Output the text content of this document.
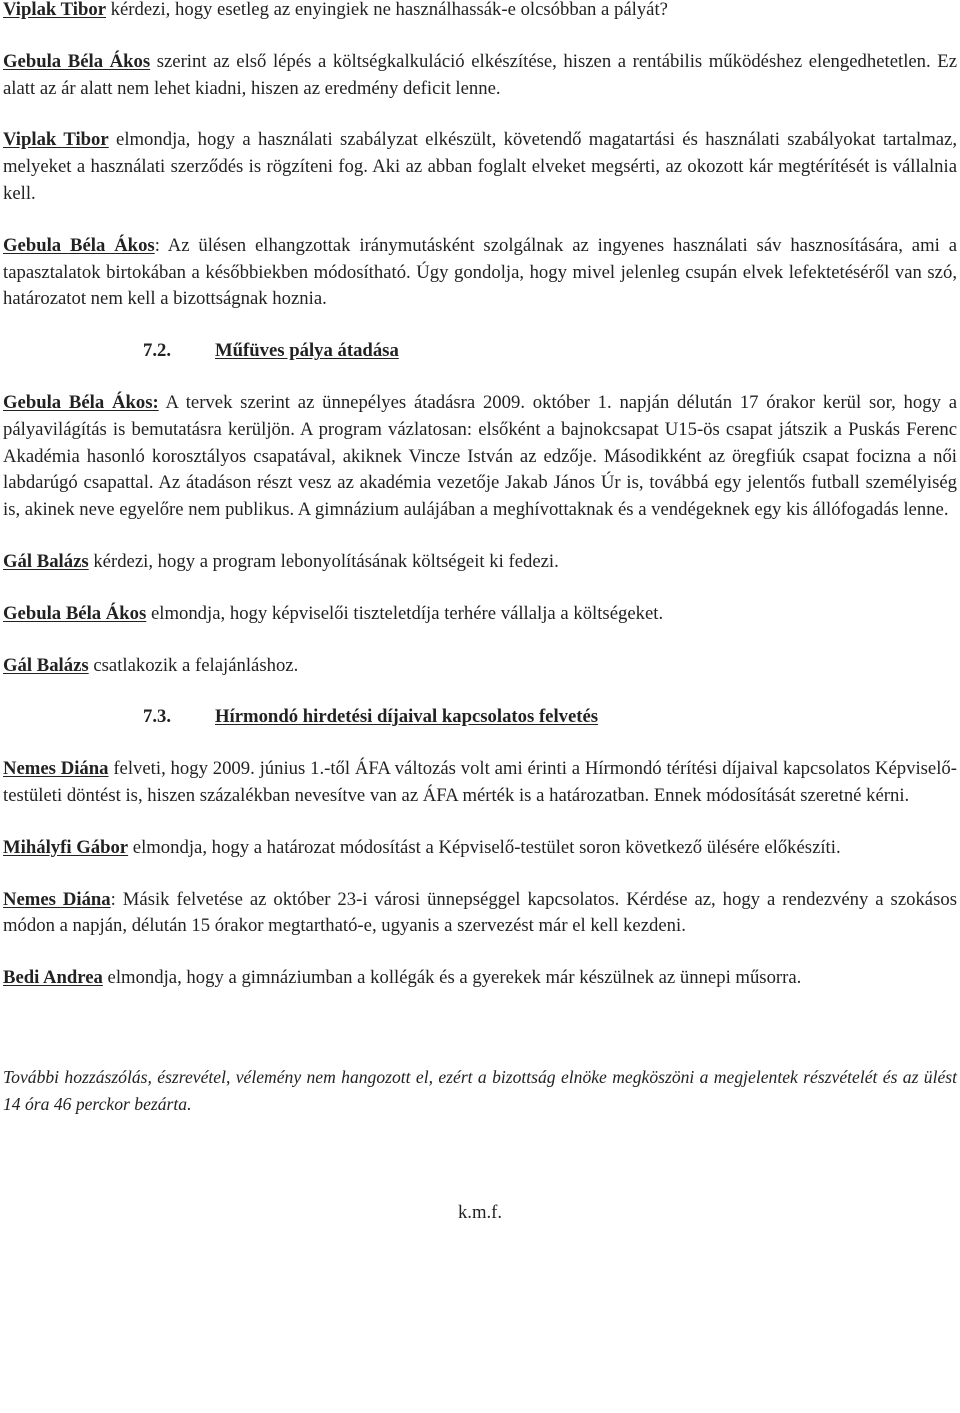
Viplak Tibor kérdezi, hogy esetleg az enyingiek ne használhassák-e olcsóbban a pályát?

Gebula Béla Ákos szerint az első lépés a költségkalkuláció elkészítése, hiszen a rentábilis működéshez elengedhetetlen. Ez alatt az ár alatt nem lehet kiadni, hiszen az eredmény deficit lenne.

Viplak Tibor elmondja, hogy a használati szabályzat elkészült, követendő magatartási és használati szabályokat tartalmaz, melyeket a használati szerződés is rögzíteni fog. Aki az abban foglalt elveket megsérti, az okozott kár megtérítését is vállalnia kell.

Gebula Béla Ákos: Az ülésen elhangzottak iránymutásként szolgálnak az ingyenes használati sáv hasznosítására, ami a tapasztalatok birtokában a későbbiekben módosítható. Úgy gondolja, hogy mivel jelenleg csupán elvek lefektetéséről van szó, határozatot nem kell a bizottságnak hoznia.

7.2. Műfüves pálya átadása

Gebula Béla Ákos: A tervek szerint az ünnepélyes átadásra 2009. október 1. napján délután 17 órakor kerül sor, hogy a pályavilágítás is bemutatásra kerüljön. A program vázlatosan: elsőként a bajnokcsapat U15-ös csapat játszik a Puskás Ferenc Akadémia hasonló korosztályos csapatával, akiknek Vincze István az edzője. Másodikként az öregfiúk csapat focizna a női labdarúgó csapattal. Az átadáson részt vesz az akadémia vezetője Jakab János Úr is, továbbá egy jelentős futball személyiség is, akinek neve egyelőre nem publikus. A gimnázium aulájában a meghívottaknak és a vendégeknek egy kis állófogadás lenne.

Gál Balázs kérdezi, hogy a program lebonyolításának költségeit ki fedezi.

Gebula Béla Ákos elmondja, hogy képviselői tiszteletdíja terhére vállalja a költségeket.

Gál Balázs csatlakozik a felajánláshoz.

7.3. Hírmondó hirdetési díjaival kapcsolatos felvetés

Nemes Diána felveti, hogy 2009. június 1.-től ÁFA változás volt ami érinti a Hírmondó térítési díjaival kapcsolatos Képviselő-testületi döntést is, hiszen százalékban nevesítve van az ÁFA mérték is a határozatban. Ennek módosítását szeretné kérni.

Mihályfi Gábor elmondja, hogy a határozat módosítást a Képviselő-testület soron következő ülésére előkészíti.

Nemes Diána: Másik felvetése az október 23-i városi ünnepséggel kapcsolatos. Kérdése az, hogy a rendezvény a szokásos módon a napján, délután 15 órakor megtartható-e, ugyanis a szervezést már el kell kezdeni.

Bedi Andrea elmondja, hogy a gimnáziumban a kollégák és a gyerekek már készülnek az ünnepi műsorra.

További hozzászólás, észrevétel, vélemény nem hangozott el, ezért a bizottság elnöke megköszöni a megjelentek részvételét és az ülést 14 óra 46 perckor bezárta.

k.m.f.
